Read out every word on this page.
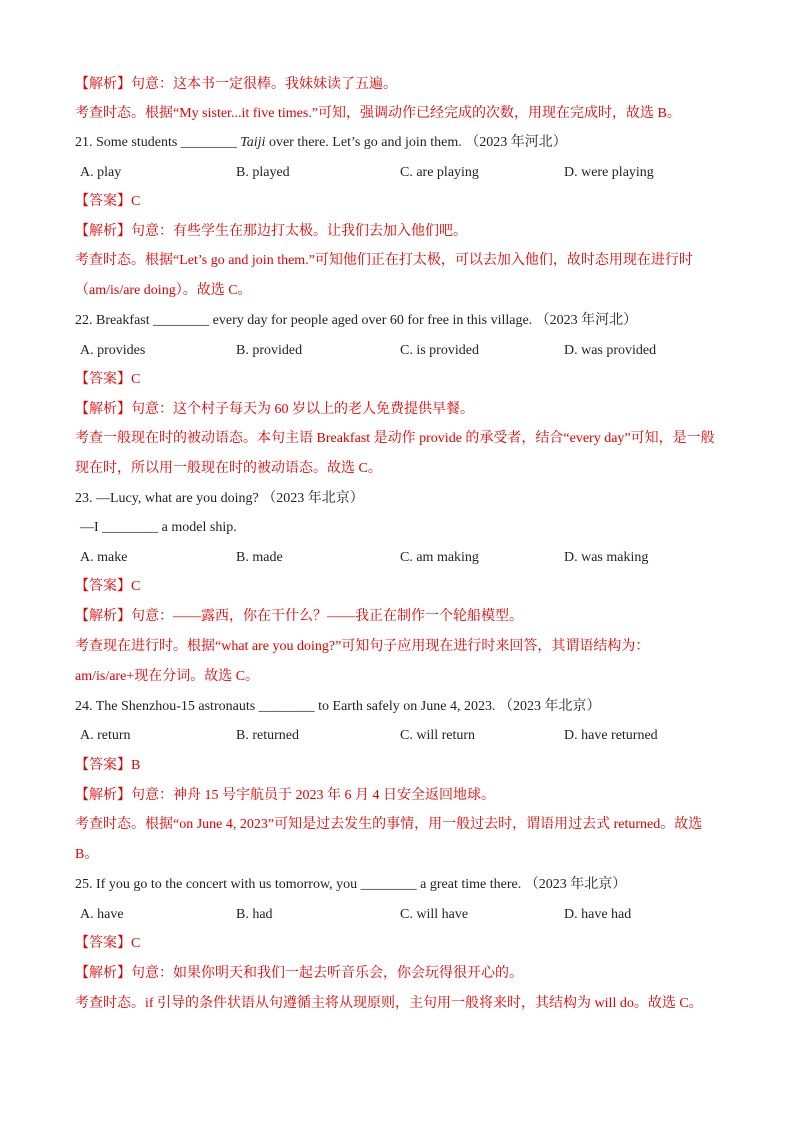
【解析】句意：这本书一定很棒。我妹妹读了五遍。
考查时态。根据“My sister...it five times.”可知，强调动作已经完成的次数，用现在完成时，故选 B。
21. Some students ________ Taiji over there. Let’s go and join them. （2023 年河北）
A. play	B. played	C. are playing	D. were playing
【答案】C
【解析】句意：有些学生在那边打太极。让我们去加入他们吧。
考查时态。根据“Let’s go and join them.”可知他们正在打太极，可以去加入他们，故时态用现在进行时
（am/is/are doing）。故选 C。
22. Breakfast ________ every day for people aged over 60 for free in this village. （2023 年河北）
A. provides	B. provided	C. is provided	D. was provided
【答案】C
【解析】句意：这个村子每天为 60 岁以上的老人免费提供早餐。
考查一般现在时的被动语态。本句主语 Breakfast 是动作 provide 的承受者，结合“every day”可知，是一般
现在时，所以用一般现在时的被动语态。故选 C。
23. —Lucy, what are you doing? （2023 年北京）
—I ________ a model ship.
A. make	B. made	C. am making	D. was making
【答案】C
【解析】句意：——露西，你在干什么？——我正在制作一个轮船模型。
考查现在进行时。根据“what are you doing?”可知句子应用现在进行时来回答，其谓语结构为：
am/is/are+现在分词。故选 C。
24. The Shenzhou-15 astronauts ________ to Earth safely on June 4, 2023. （2023 年北京）
A. return	B. returned	C. will return	D. have returned
【答案】B
【解析】句意：神舟 15 号宇航员于 2023 年 6 月 4 日安全返回地球。
考查时态。根据“on June 4, 2023”可知是过去发生的事情，用一般过去时，谓语用过去式 returned。故选
B。
25. If you go to the concert with us tomorrow, you ________ a great time there. （2023 年北京）
A. have	B. had	C. will have	D. have had
【答案】C
【解析】句意：如果你明天和我们一起去听音乐会，你会玩得很开心的。
考查时态。if 引导的条件状语从句遵循主将从现原则，主句用一般将来时，其结构为 will do。故选 C。
